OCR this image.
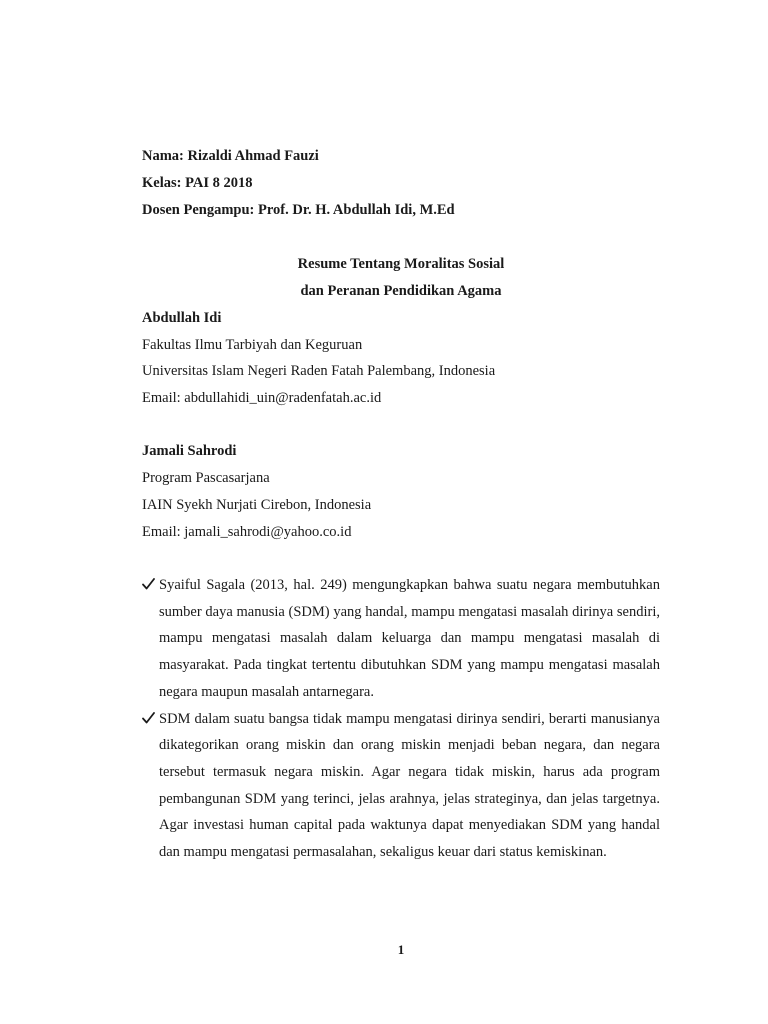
Nama: Rizaldi Ahmad Fauzi
Kelas: PAI 8 2018
Dosen Pengampu: Prof. Dr. H. Abdullah Idi, M.Ed
Resume Tentang Moralitas Sosial
dan Peranan Pendidikan Agama
Abdullah Idi
Fakultas Ilmu Tarbiyah dan Keguruan
Universitas Islam Negeri Raden Fatah Palembang, Indonesia
Email: abdullahidi_uin@radenfatah.ac.id
Jamali Sahrodi
Program Pascasarjana
IAIN Syekh Nurjati Cirebon, Indonesia
Email: jamali_sahrodi@yahoo.co.id
Syaiful Sagala (2013, hal. 249) mengungkapkan bahwa suatu negara membutuhkan sumber daya manusia (SDM) yang handal, mampu mengatasi masalah dirinya sendiri, mampu mengatasi masalah dalam keluarga dan mampu mengatasi masalah di masyarakat. Pada tingkat tertentu dibutuhkan SDM yang mampu mengatasi masalah negara maupun masalah antarnegara.
SDM dalam suatu bangsa tidak mampu mengatasi dirinya sendiri, berarti manusianya dikategorikan orang miskin dan orang miskin menjadi beban negara, dan negara tersebut termasuk negara miskin. Agar negara tidak miskin, harus ada program pembangunan SDM yang terinci, jelas arahnya, jelas strateginya, dan jelas targetnya. Agar investasi human capital pada waktunya dapat menyediakan SDM yang handal dan mampu mengatasi permasalahan, sekaligus keuar dari status kemiskinan.
1
